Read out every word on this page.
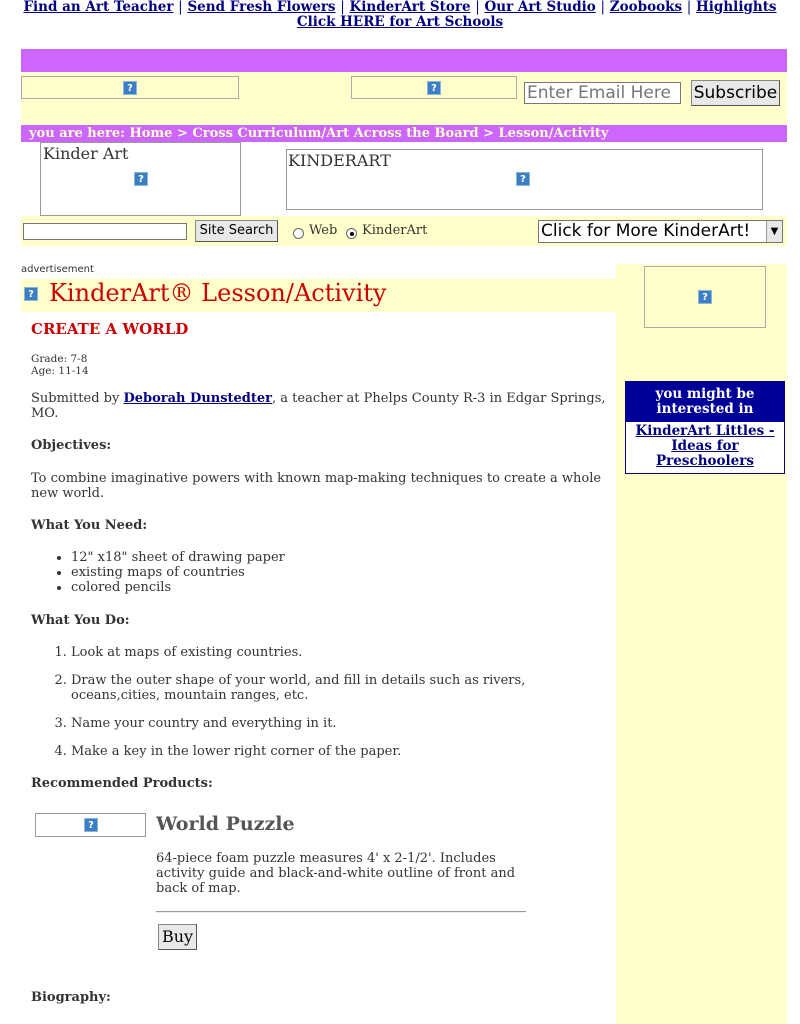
Find an Art Teacher | Send Fresh Flowers | KinderArt Store | Our Art Studio | Zoobooks | Highlights
Click HERE for Art Schools
?	?
Enter Email Here	Subscribe
you are here: Home > Cross Curriculum/Art Across the Board > Lesson/Activity
Kinder Art
?
KINDERART
?
Site Search	Web KinderArt	Click for More KinderArt!	▼
?
you might be interested in
KinderArt Littles - Ideas for Preschoolers
advertisement
? KinderArt® Lesson/Activity
CREATE A WORLD
Grade: 7-8
Age: 11-14
Submitted by Deborah Dunstedter, a teacher at Phelps County R-3 in Edgar Springs, MO.
Objectives:
To combine imaginative powers with known map-making techniques to create a whole new world.
What You Need:
• 12" x18" sheet of drawing paper
• existing maps of countries
• colored pencils
What You Do:
1. Look at maps of existing countries.
2. Draw the outer shape of your world, and fill in details such as rivers, oceans,cities, mountain ranges, etc.
3. Name your country and everything in it.
4. Make a key in the lower right corner of the paper.
Recommended Products:
?	World Puzzle
64-piece foam puzzle measures 4' x 2-1/2'. Includes activity guide and black-and-white outline of front and back of map.
Buy
Biography:
